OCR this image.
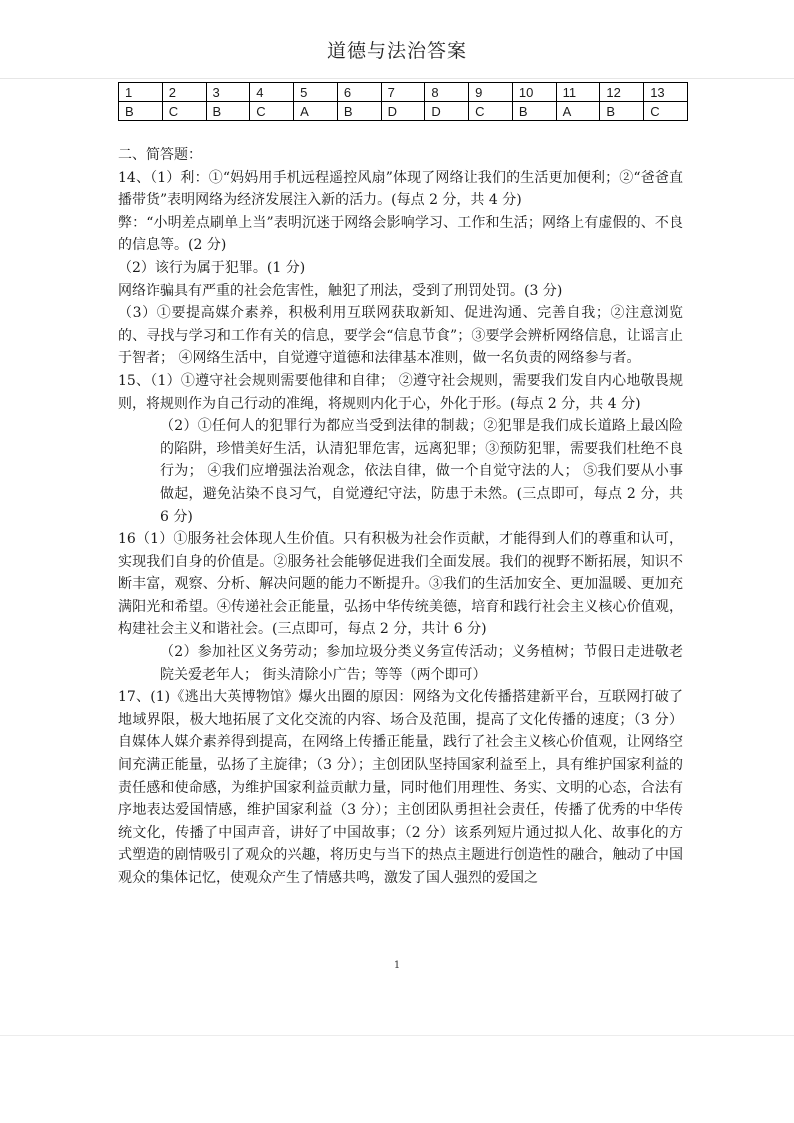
道德与法治答案
1	2	3	4	5	6	7	8	9	10	11	12	13
B	C	B	C	A	B	D	D	C	B	A	B	C

二、简答题：

14、（1）利：①“妈妈用手机远程遥控风扇”体现了网络让我们的生活更加便利；②“爸爸直播带货”表明网络为经济发展注入新的活力。(每点 2 分，共 4 分)

弊：“小明差点刷单上当”表明沉迷于网络会影响学习、工作和生活；网络上有虚假的、不良的信息等。(2 分)

（2）该行为属于犯罪。(1 分)

网络诈骗具有严重的社会危害性，触犯了刑法，受到了刑罚处罚。(3 分)

（3）①要提高媒介素养，积极利用互联网获取新知、促进沟通、完善自我；②注意浏览的、寻找与学习和工作有关的信息，要学会“信息节食”；③要学会辨析网络信息，让谣言止于智者； ④网络生活中，自觉遵守道德和法律基本准则，做一名负责的网络参与者。

15、（1）①遵守社会规则需要他律和自律； ②遵守社会规则，需要我们发自内心地敬畏规则，将规则作为自己行动的准绳，将规则内化于心，外化于形。(每点 2 分，共 4 分)

（2）①任何人的犯罪行为都应当受到法律的制裁；②犯罪是我们成长道路上最凶险的陷阱，珍惜美好生活，认清犯罪危害，远离犯罪；③预防犯罪，需要我们杜绝不良行为； ④我们应增强法治观念，依法自律，做一个自觉守法的人； ⑤我们要从小事做起，避免沾染不良习气，自觉遵纪守法，防患于未然。(三点即可，每点 2 分，共 6 分)

16（1）①服务社会体现人生价值。只有积极为社会作贡献，才能得到人们的尊重和认可，实现我们自身的价值是。②服务社会能够促进我们全面发展。我们的视野不断拓展，知识不断丰富，观察、分析、解决问题的能力不断提升。③我们的生活加安全、更加温暖、更加充满阳光和希望。④传递社会正能量，弘扬中华传统美德，培育和践行社会主义核心价值观，构建社会主义和谐社会。(三点即可，每点 2 分，共计 6 分)

（2）参加社区义务劳动；参加垃圾分类义务宣传活动；义务植树；节假日走进敬老院关爱老年人； 街头清除小广告；等等（两个即可）

17、(1)《逃出大英博物馆》爆火出圈的原因：网络为文化传播搭建新平台，互联网打破了地域界限，极大地拓展了文化交流的内容、场合及范围，提高了文化传播的速度；（3 分）自媒体人媒介素养得到提高，在网络上传播正能量，践行了社会主义核心价值观，让网络空间充满正能量，弘扬了主旋律；（3 分）；主创团队坚持国家利益至上，具有维护国家利益的责任感和使命感，为维护国家利益贡献力量，同时他们用理性、务实、文明的心态，合法有序地表达爱国情感，维护国家利益（3 分）；主创团队勇担社会责任，传播了优秀的中华传统文化，传播了中国声音，讲好了中国故事；（2 分）该系列短片通过拟人化、故事化的方式塑造的剧情吸引了观众的兴趣，将历史与当下的热点主题进行创造性的融合，触动了中国观众的集体记忆，使观众产生了情感共鸣，激发了国人强烈的爱国之

1
